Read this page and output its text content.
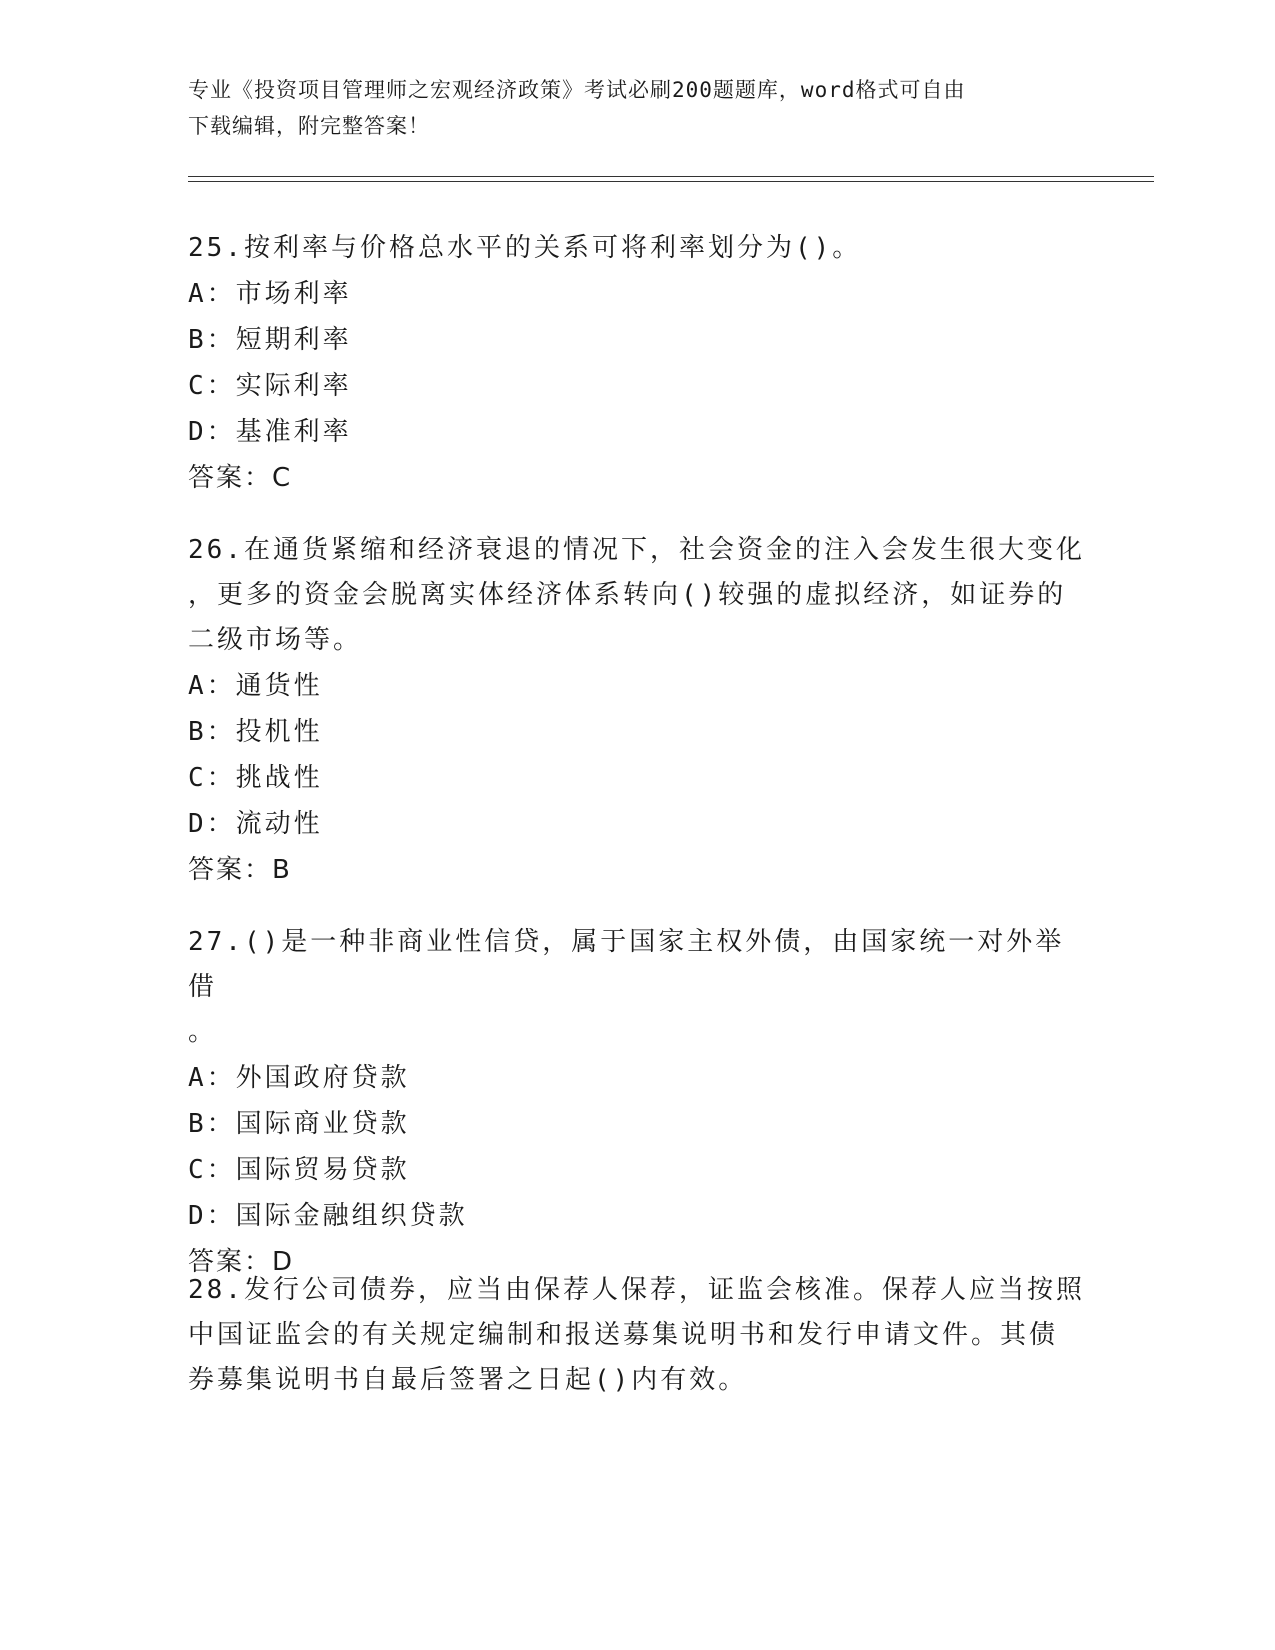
专业《投资项目管理师之宏观经济政策》考试必刷200题题库，word格式可自由
下载编辑，附完整答案！
25.按利率与价格总水平的关系可将利率划分为()。
A：市场利率
B：短期利率
C：实际利率
D：基准利率
答案：C
26.在通货紧缩和经济衰退的情况下，社会资金的注入会发生很大变化
，更多的资金会脱离实体经济体系转向()较强的虚拟经济，如证券的
二级市场等。
A：通货性
B：投机性
C：挑战性
D：流动性
答案：B
27.()是一种非商业性信贷，属于国家主权外债，由国家统一对外举借
。
A：外国政府贷款
B：国际商业贷款
C：国际贸易贷款
D：国际金融组织贷款
答案：D
28.发行公司债券，应当由保荐人保荐，证监会核准。保荐人应当按照
中国证监会的有关规定编制和报送募集说明书和发行申请文件。其债
券募集说明书自最后签署之日起()内有效。
